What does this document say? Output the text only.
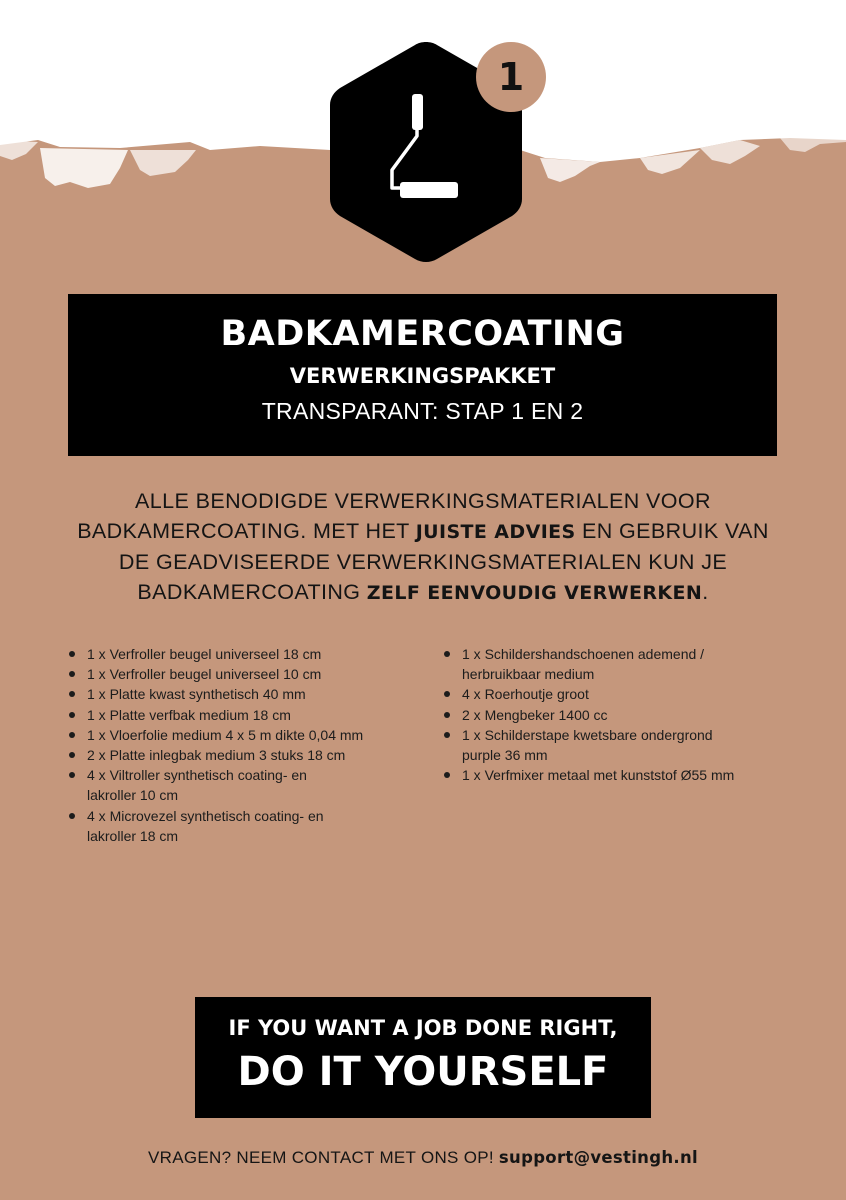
1
BADKAMERCOATING
VERWERKINGSPAKKET
TRANSPARANT: STAP 1 EN 2

ALLE BENODIGDE VERWERKINGSMATERIALEN VOOR BADKAMERCOATING. MET HET JUISTE ADVIES EN GEBRUIK VAN DE GEADVISEERDE VERWERKINGSMATERIALEN KUN JE BADKAMERCOATING ZELF EENVOUDIG VERWERKEN.

1 x Verfroller beugel universeel 18 cm
1 x Verfroller beugel universeel 10 cm
1 x Platte kwast synthetisch 40 mm
1 x Platte verfbak medium 18 cm
1 x Vloerfolie medium 4 x 5 m dikte 0,04 mm
2 x Platte inlegbak medium 3 stuks 18 cm
4 x Viltroller synthetisch coating- en lakroller 10 cm
4 x Microvezel synthetisch coating- en lakroller 18 cm
1 x Schildershandschoenen ademend / herbruikbaar medium
4 x Roerhoutje groot
2 x Mengbeker 1400 cc
1 x Schilderstape kwetsbare ondergrond purple 36 mm
1 x Verfmixer metaal met kunststof Ø55 mm
IF YOU WANT A JOB DONE RIGHT,
DO IT YOURSELF
VRAGEN? NEEM CONTACT MET ONS OP! support@vestingh.nl
